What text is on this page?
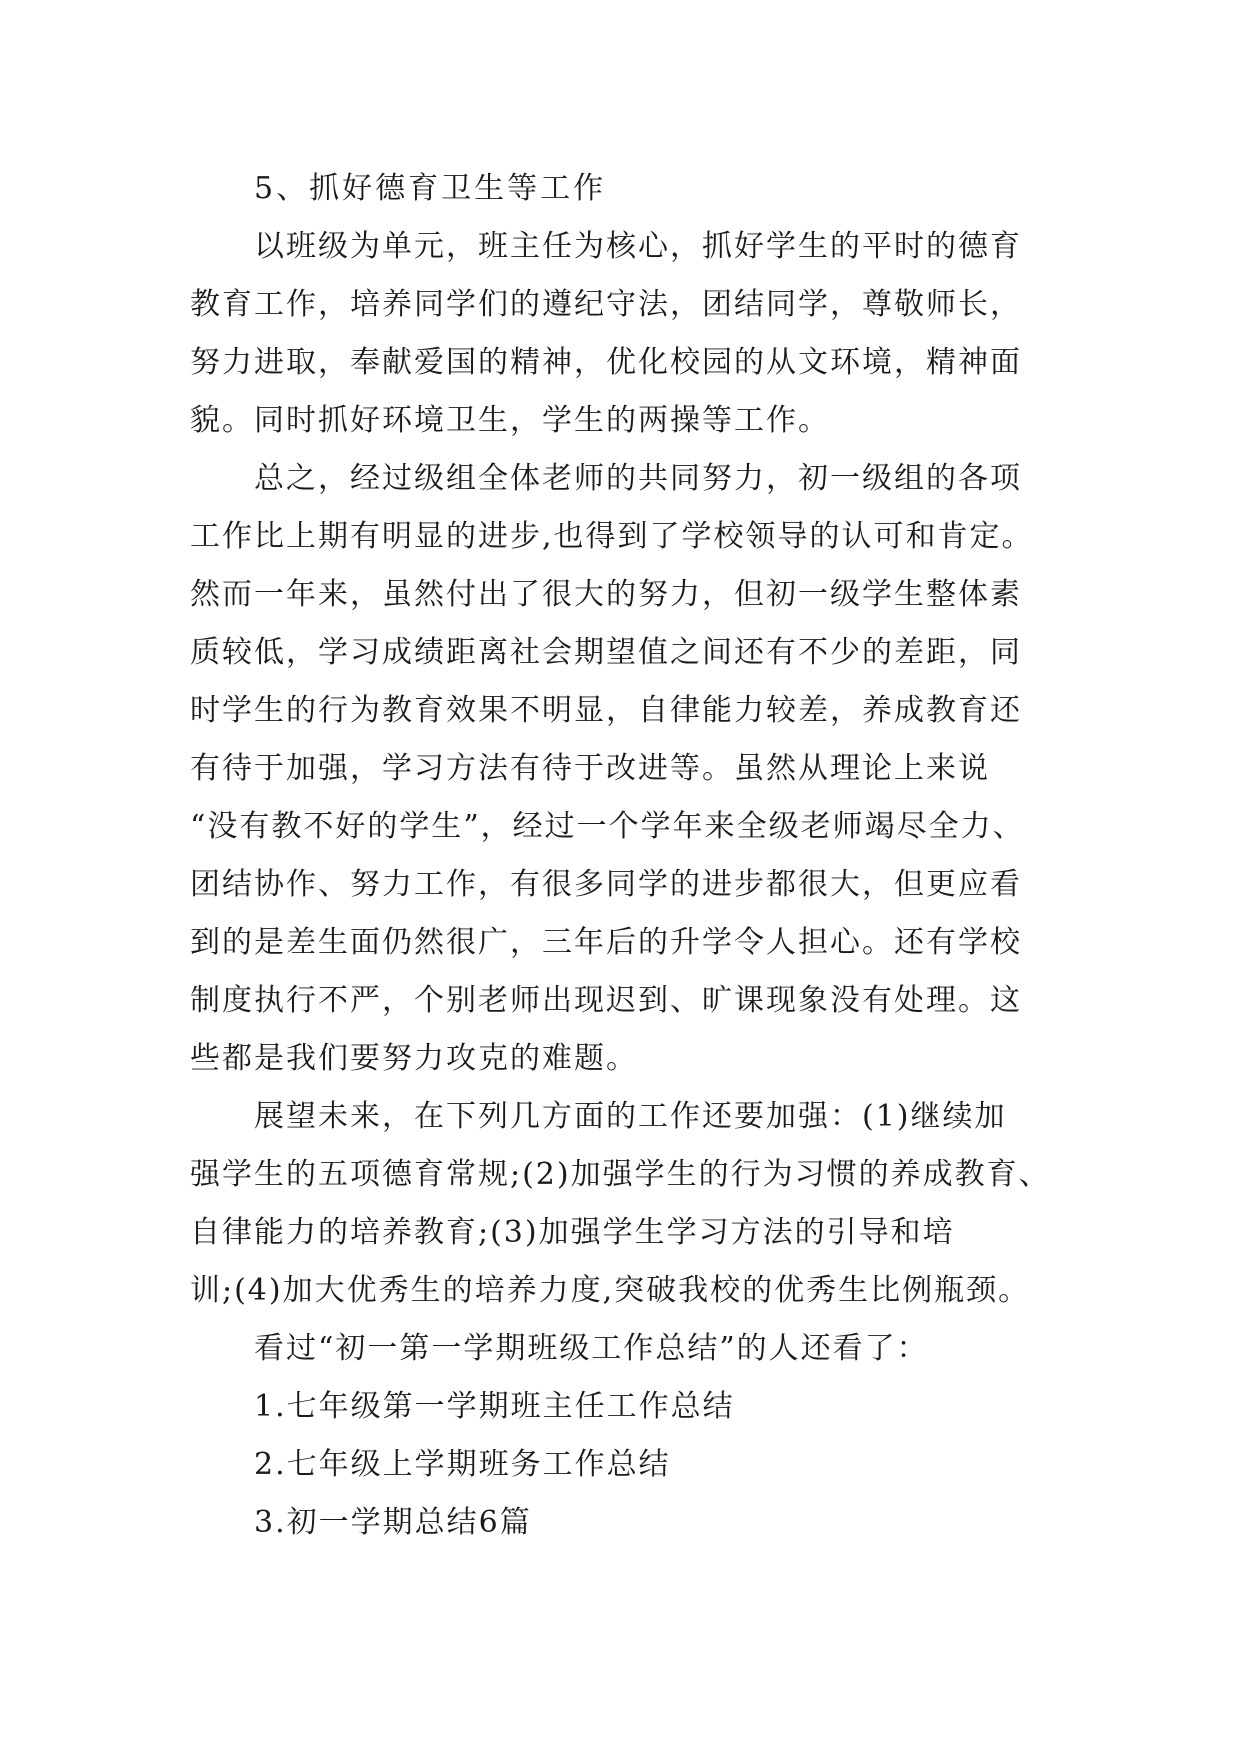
5、抓好德育卫生等工作
以班级为单元，班主任为核心，抓好学生的平时的德育
教育工作，培养同学们的遵纪守法，团结同学，尊敬师长，
努力进取，奉献爱国的精神，优化校园的从文环境，精神面
貌。同时抓好环境卫生，学生的两操等工作。
总之，经过级组全体老师的共同努力，初一级组的各项
工作比上期有明显的进步,也得到了学校领导的认可和肯定。
然而一年来，虽然付出了很大的努力，但初一级学生整体素
质较低，学习成绩距离社会期望值之间还有不少的差距，同
时学生的行为教育效果不明显，自律能力较差，养成教育还
有待于加强，学习方法有待于改进等。虽然从理论上来说
“没有教不好的学生”，经过一个学年来全级老师竭尽全力、
团结协作、努力工作，有很多同学的进步都很大，但更应看
到的是差生面仍然很广，三年后的升学令人担心。还有学校
制度执行不严，个别老师出现迟到、旷课现象没有处理。这
些都是我们要努力攻克的难题。
展望未来，在下列几方面的工作还要加强：(1)继续加
强学生的五项德育常规;(2)加强学生的行为习惯的养成教育、
自律能力的培养教育;(3)加强学生学习方法的引导和培
训;(4)加大优秀生的培养力度,突破我校的优秀生比例瓶颈。
看过“初一第一学期班级工作总结”的人还看了：
1.七年级第一学期班主任工作总结
2.七年级上学期班务工作总结
3.初一学期总结6篇
